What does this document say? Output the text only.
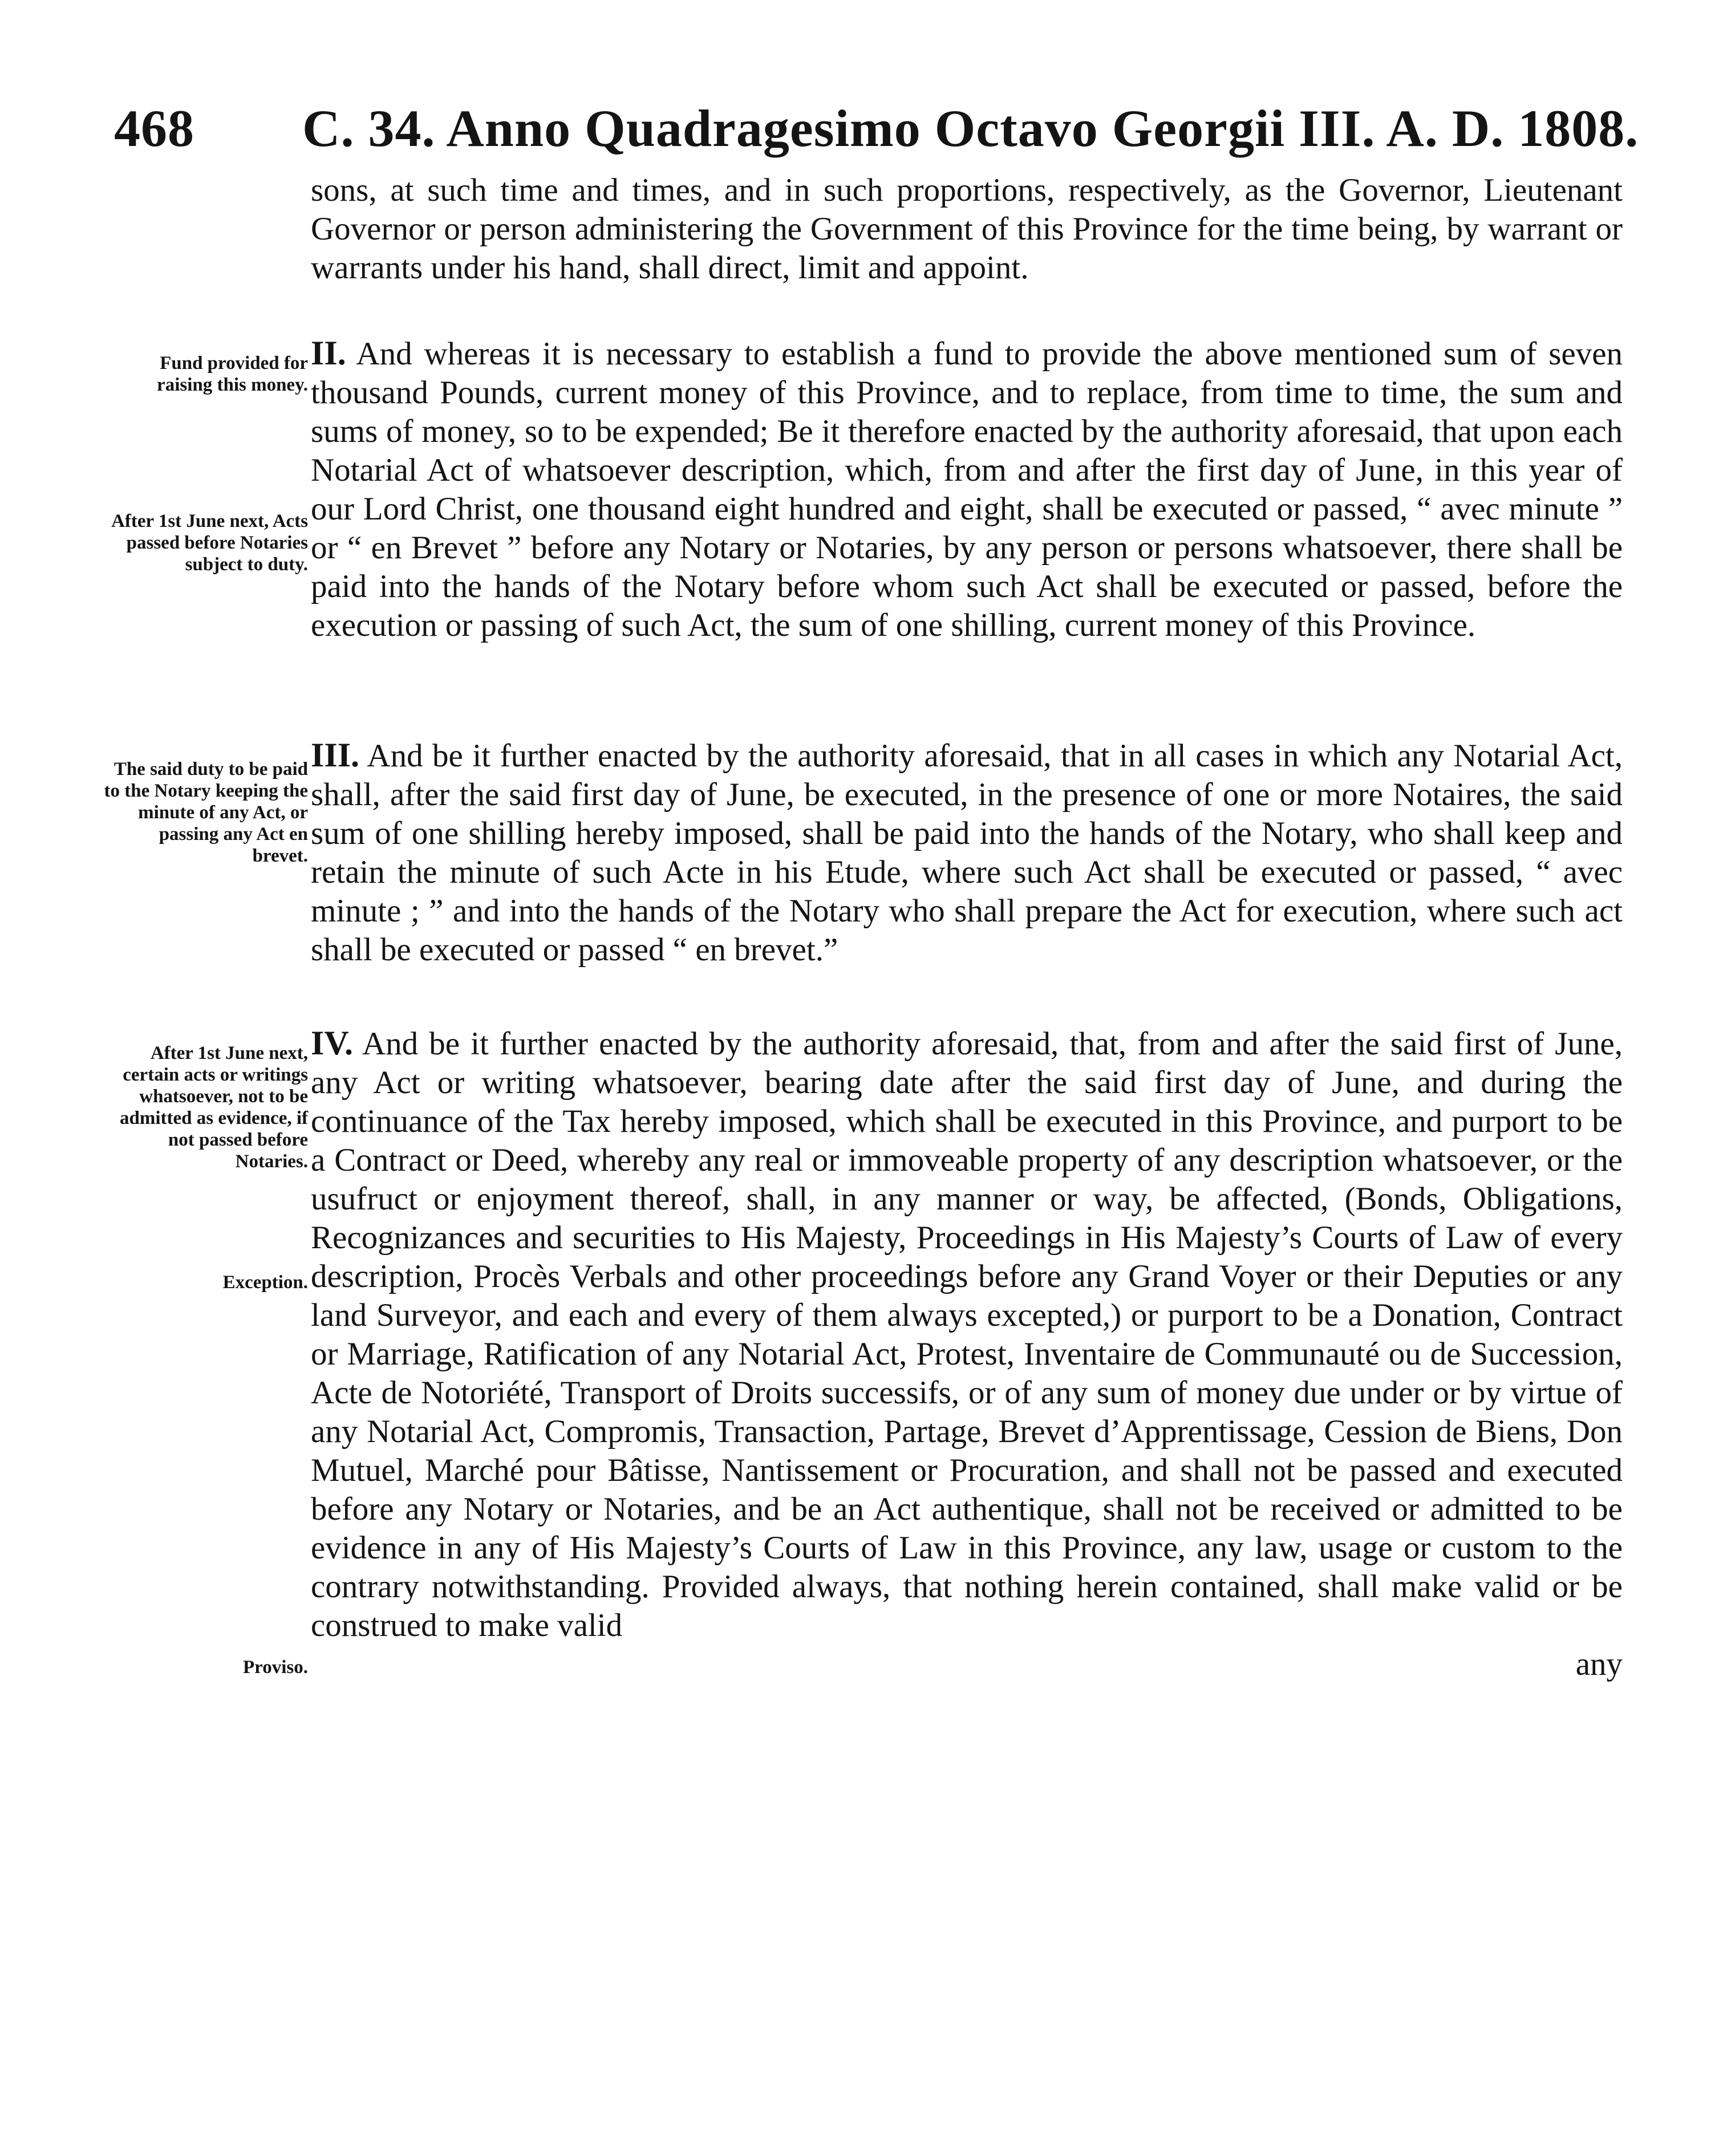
468	C. 34. Anno Quadragesimo Octavo Georgii III. A. D. 1808.
Fund provided for raising this money.
After 1st June next, Acts passed before Notaries subject to duty.
The said duty to be paid to the Notary keeping the minute of any Act, or passing any Act en brevet.
After 1st June next, certain acts or writings whatsoever, not to be admitted as evidence, if not passed before Notaries.
Exception.
Proviso.

sons, at such time and times, and in such proportions, respectively, as the Governor, Lieutenant Governor or person administering the Government of this Province for the time being, by warrant or warrants under his hand, shall direct, limit and appoint.

II. And whereas it is necessary to establish a fund to provide the above mentioned sum of seven thousand Pounds, current money of this Province, and to replace, from time to time, the sum and sums of money, so to be expended; Be it therefore enacted by the authority aforesaid, that upon each Notarial Act of whatsoever description, which, from and after the first day of June, in this year of our Lord Christ, one thousand eight hundred and eight, shall be executed or passed, “ avec minute ” or “ en Brevet ” before any Notary or Notaries, by any person or persons whatsoever, there shall be paid into the hands of the Notary before whom such Act shall be executed or passed, before the execution or passing of such Act, the sum of one shilling, current money of this Province.

III. And be it further enacted by the authority aforesaid, that in all cases in which any Notarial Act, shall, after the said first day of June, be executed, in the presence of one or more Notaires, the said sum of one shilling hereby imposed, shall be paid into the hands of the Notary, who shall keep and retain the minute of such Acte in his Etude, where such Act shall be executed or passed, “ avec minute ; ” and into the hands of the Notary who shall prepare the Act for execution, where such act shall be executed or passed “ en brevet.”

IV. And be it further enacted by the authority aforesaid, that, from and after the said first of June, any Act or writing whatsoever, bearing date after the said first day of June, and during the continuance of the Tax hereby imposed, which shall be executed in this Province, and purport to be a Contract or Deed, whereby any real or immoveable property of any description whatsoever, or the usufruct or enjoyment thereof, shall, in any manner or way, be affected, (Bonds, Obligations, Recognizances and securities to His Majesty, Proceedings in His Majesty’s Courts of Law of every description, Procès Verbals and other proceedings before any Grand Voyer or their Deputies or any land Surveyor, and each and every of them always excepted,) or purport to be a Donation, Contract or Marriage, Ratification of any Notarial Act, Protest, Inventaire de Communauté ou de Succession, Acte de Notoriété, Transport of Droits successifs, or of any sum of money due under or by virtue of any Notarial Act, Compromis, Transaction, Partage, Brevet d’Apprentissage, Cession de Biens, Don Mutuel, Marché pour Bâtisse, Nantissement or Procuration, and shall not be passed and executed before any Notary or Notaries, and be an Act authentique, shall not be received or admitted to be evidence in any of His Majesty’s Courts of Law in this Province, any law, usage or custom to the contrary notwithstanding. Provided always, that nothing herein contained, shall make valid or be construed to make valid
any
